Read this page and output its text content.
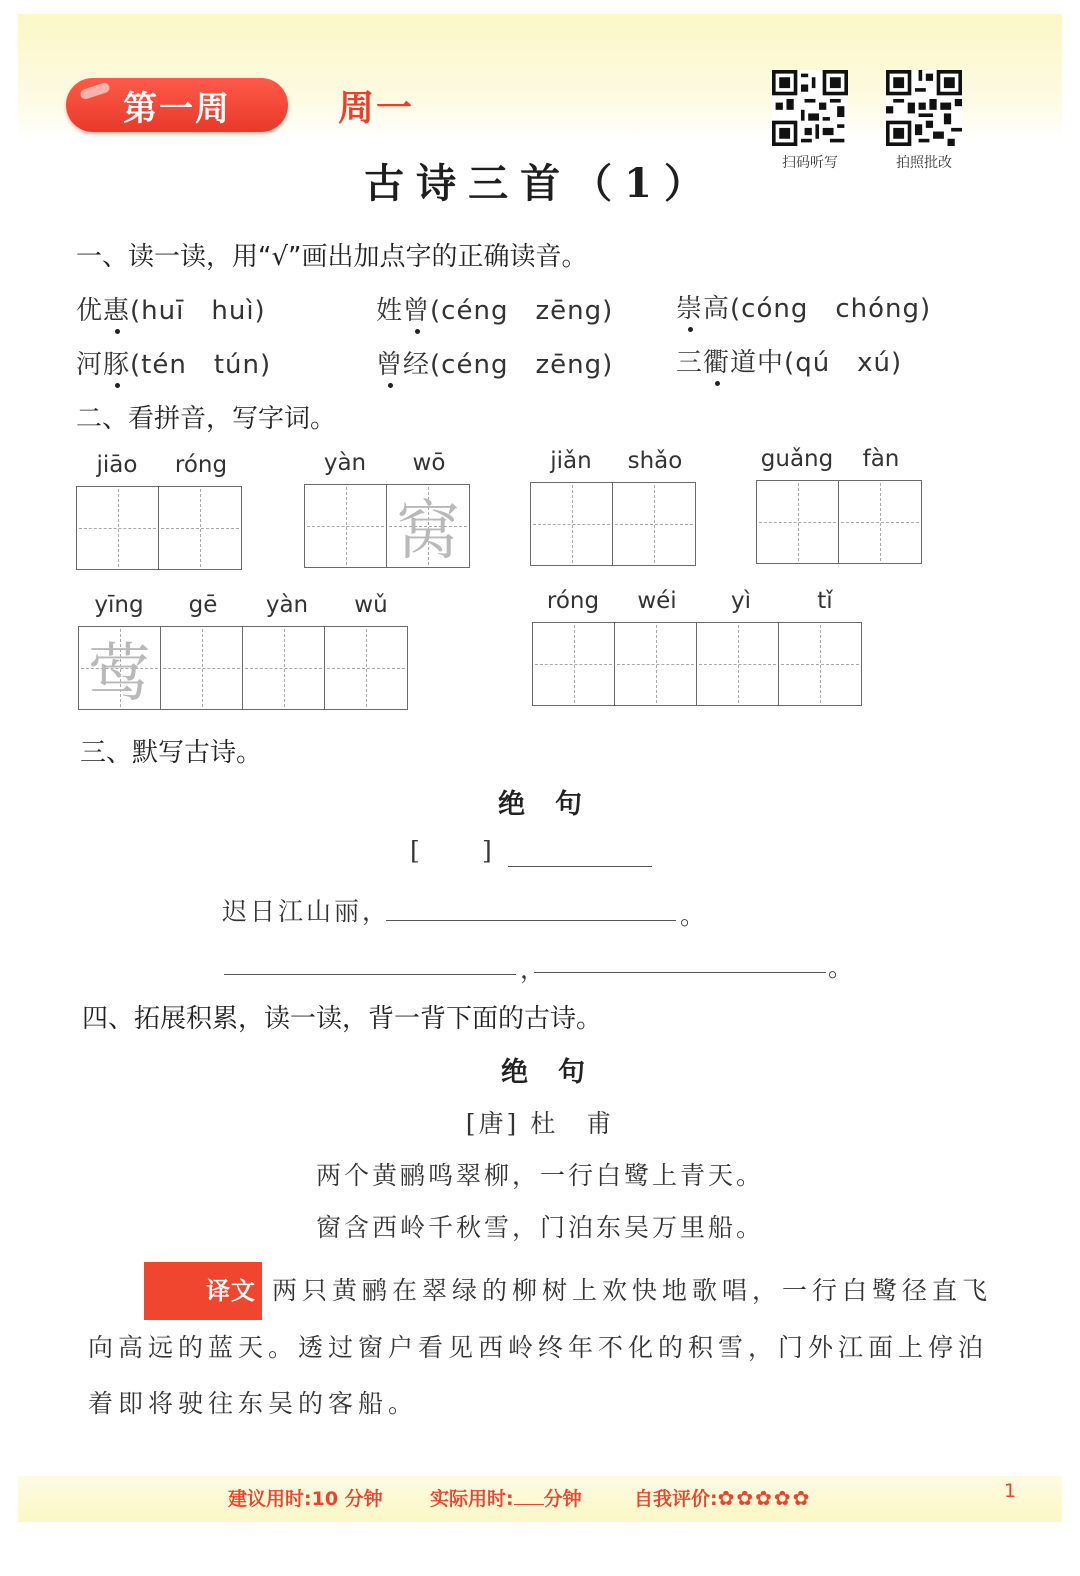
第一周	周一
扫码听写	拍照批改
古诗三首（1）
一、读一读，用“√”画出加点字的正确读音。
优惠(huī　huì)	姓曾(céng　zēng) 崇高(cóng　chóng)
河豚(tén　tún)	曾经(céng　zēng) 三衢道中(qú　xú)
二、看拼音，写字词。
jiāo	róng	yàn	wō
窝
jiǎn	shǎo	guǎng	fàn
yīng	gē	yàn	wǔ
莺
róng	wéi	yì	tǐ
三、默写古诗。
绝句
[ ]
迟日江山丽，	。
，	。
四、拓展积累，读一读，背一背下面的古诗。
绝句
[唐] 杜　甫
两个黄鹂鸣翠柳，一行白鹭上青天。
窗含西岭千秋雪，门泊东吴万里船。
译文 两只黄鹂在翠绿的柳树上欢快地歌唱，一行白鹭径直飞向高远的蓝天。透过窗户看见西岭终年不化的积雪，门外江面上停泊着即将驶往东吴的客船。
建议用时:10 分钟 实际用时: 分钟	自我评价:✿✿✿✿✿	1
